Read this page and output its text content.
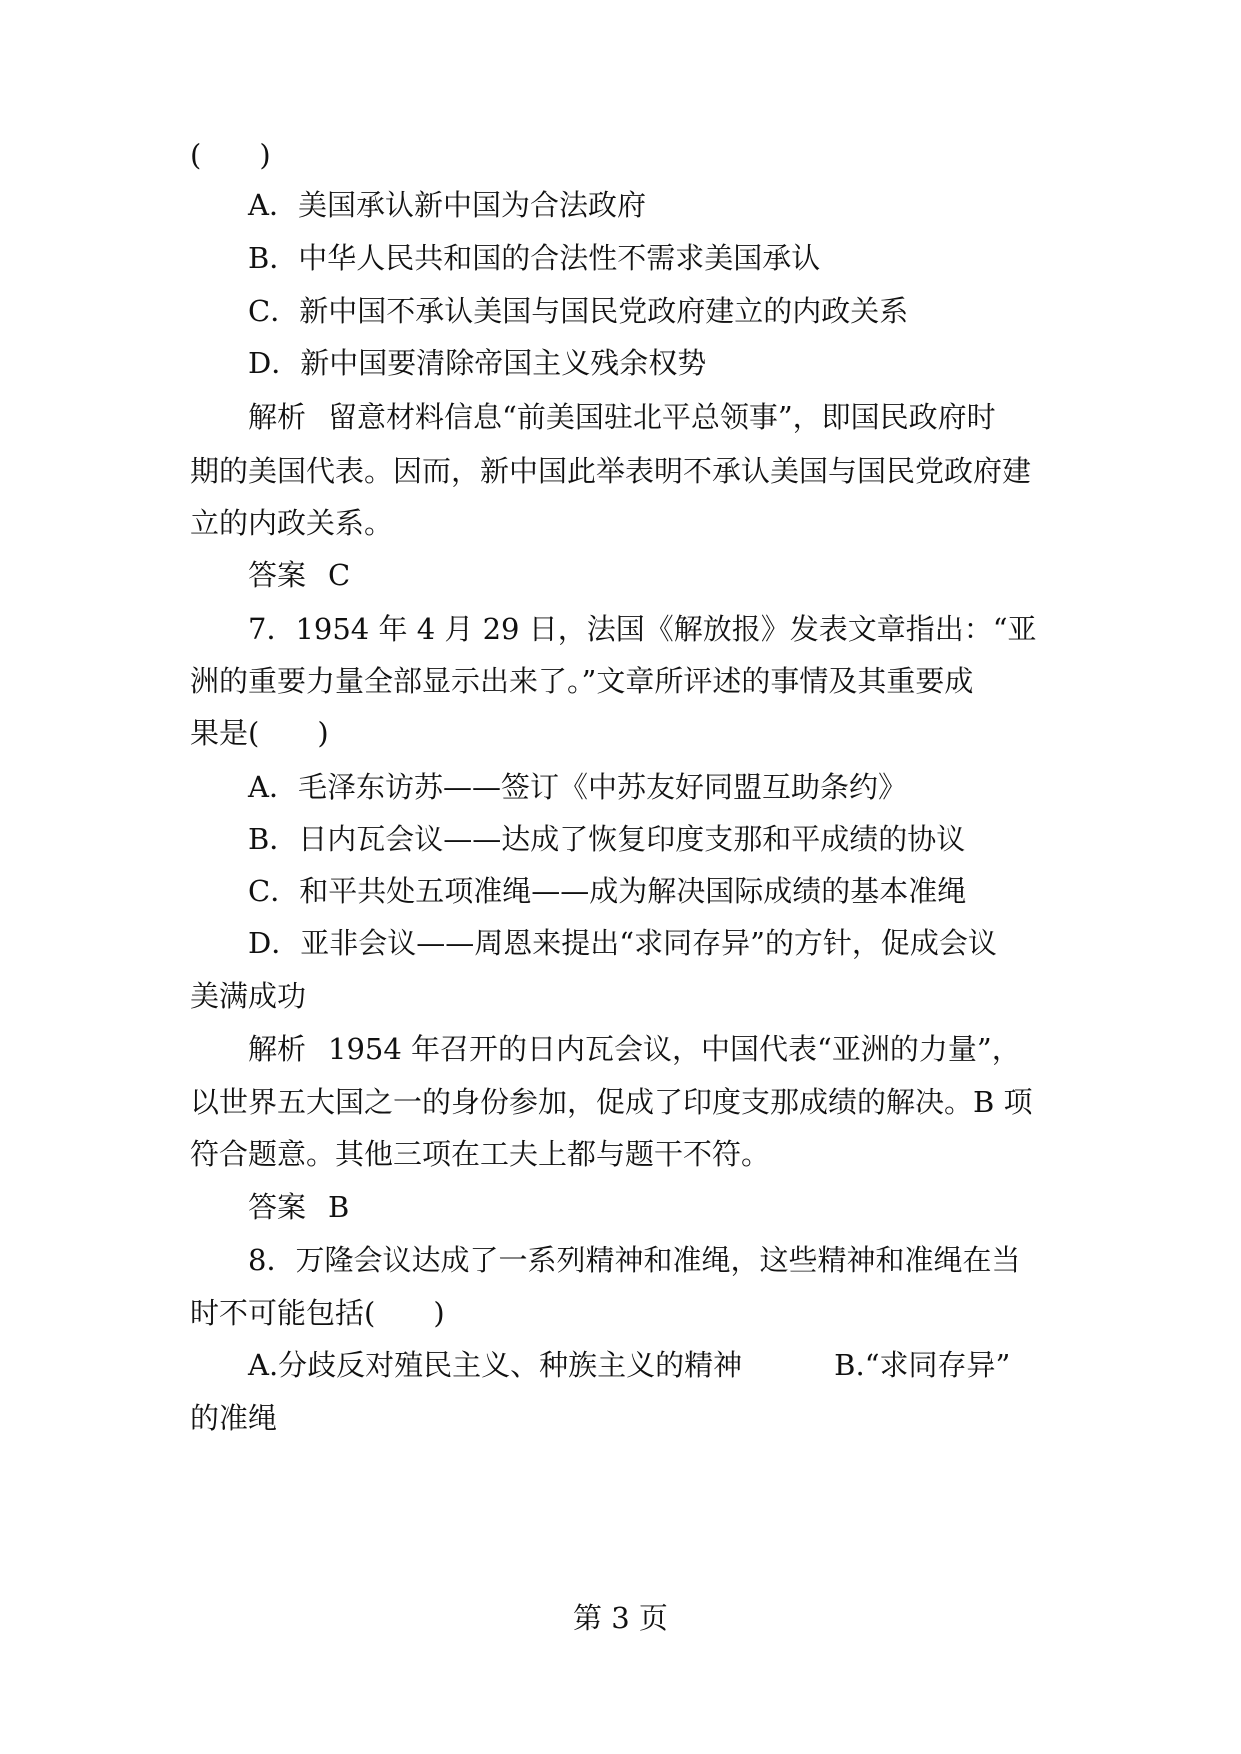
(　　)
A．美国承认新中国为合法政府
B．中华人民共和国的合法性不需求美国承认
C．新中国不承认美国与国民党政府建立的内政关系
D．新中国要清除帝国主义残余权势
解析 留意材料信息“前美国驻北平总领事”，即国民政府时
期的美国代表。因而，新中国此举表明不承认美国与国民党政府建
立的内政关系。
答案 C
7．1954 年 4 月 29 日，法国《解放报》发表文章指出：“亚
洲的重要力量全部显示出来了。”文章所评述的事情及其重要成
果是(　　)
A．毛泽东访苏——签订《中苏友好同盟互助条约》
B．日内瓦会议——达成了恢复印度支那和平成绩的协议
C．和平共处五项准绳——成为解决国际成绩的基本准绳
D．亚非会议——周恩来提出“求同存异”的方针，促成会议
美满成功
解析 1954 年召开的日内瓦会议，中国代表“亚洲的力量”，
以世界五大国之一的身份参加，促成了印度支那成绩的解决。B 项
符合题意。其他三项在工夫上都与题干不符。
答案 B
8．万隆会议达成了一系列精神和准绳，这些精神和准绳在当
时不可能包括(　　)
A.分歧反对殖民主义、种族主义的精神	B.“求同存异”
的准绳
第 3 页
